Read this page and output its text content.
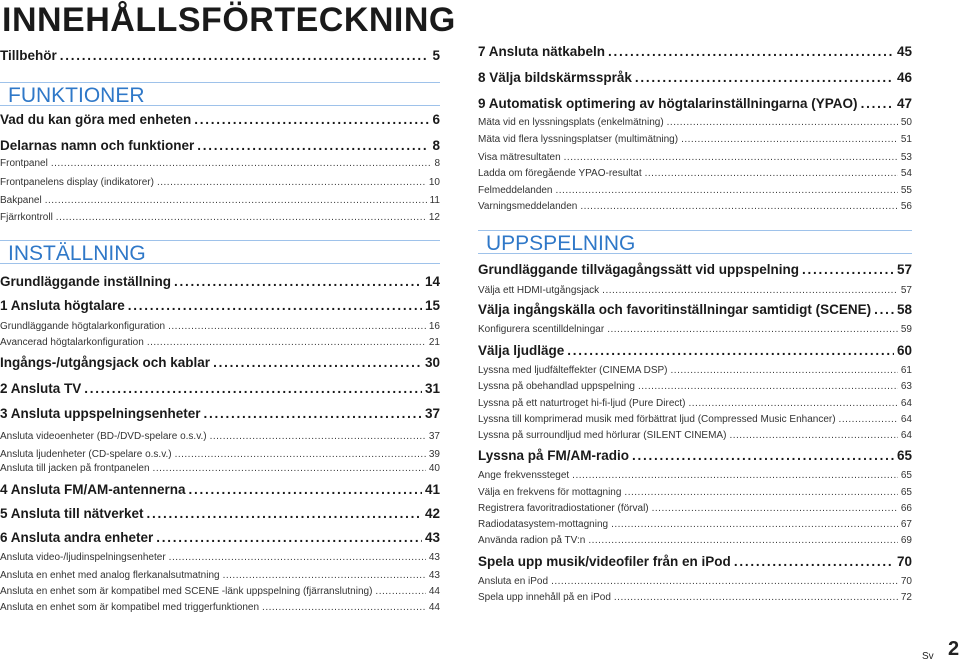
INNEHÅLLSFÖRTECKNING
Tillbehör . . .	5
FUNKTIONER
Vad du kan göra med enheten . . .	6
Delarnas namn och funktioner . . .	8
Frontpanel .....	8
Frontpanelens display (indikatorer) .....	10
Bakpanel .....	11
Fjärrkontroll .....	12
INSTÄLLNING
Grundläggande inställning . . .	14
1 Ansluta högtalare . . .	15
Grundläggande högtalarkonfiguration .....	16
Avancerad högtalarkonfiguration .....	21
Ingångs-/utgångsjack och kablar . . .	30
2 Ansluta TV . . .	31
3 Ansluta uppspelningsenheter . . .	37
Ansluta videoenheter (BD-/DVD-spelare o.s.v.) .....	37
Ansluta ljudenheter (CD-spelare o.s.v.) .....	39
Ansluta till jacken på frontpanelen .....	40
4 Ansluta FM/AM-antennerna . . .	41
5 Ansluta till nätverket . . .	42
6 Ansluta andra enheter . . .	43
Ansluta video-/ljudinspelningsenheter .....	43
Ansluta en enhet med analog flerkanalsutmatning .....	43
Ansluta en enhet som är kompatibel med SCENE -länk uppspelning (fjärranslutning) .....	44
Ansluta en enhet som är kompatibel med triggerfunktionen .....	44
7 Ansluta nätkabeln . . .	45
8 Välja bildskärmsspråk . . .	46
9 Automatisk optimering av högtalarinställningarna (YPAO) . . .	47
Mäta vid en lyssningsplats (enkelmätning) .....	50
Mäta vid flera lyssningsplatser (multimätning) .....	51
Visa mätresultaten .....	53
Ladda om föregående YPAO-resultat .....	54
Felmeddelanden .....	55
Varningsmeddelanden .....	56
UPPSPELNING
Grundläggande tillvägagångssätt vid uppspelning . . .	57
Välja ett HDMI-utgångsjack .....	57
Välja ingångskälla och favoritinställningar samtidigt (SCENE) . . . 58
Konfigurera scentilldelningar .....	59
Välja ljudläge . . .	60
Lyssna med ljudfälteffekter (CINEMA DSP) .....	61
Lyssna på obehandlad uppspelning .....	63
Lyssna på ett naturtroget hi-fi-ljud (Pure Direct) .....	64
Lyssna till komprimerad musik med förbättrat ljud (Compressed Music Enhancer) .....	64
Lyssna på surroundljud med hörlurar (SILENT CINEMA) .....	64
Lyssna på FM/AM-radio . . .	65
Ange frekvenssteget .....	65
Välja en frekvens för mottagning .....	65
Registrera favoritradiostationer (förval) .....	66
Radiodatasystem-mottagning .....	67
Använda radion på TV:n .....	69
Spela upp musik/videofiler från en iPod . . .	70
Ansluta en iPod .....	70
Spela upp innehåll på en iPod .....	72
Sv 2
